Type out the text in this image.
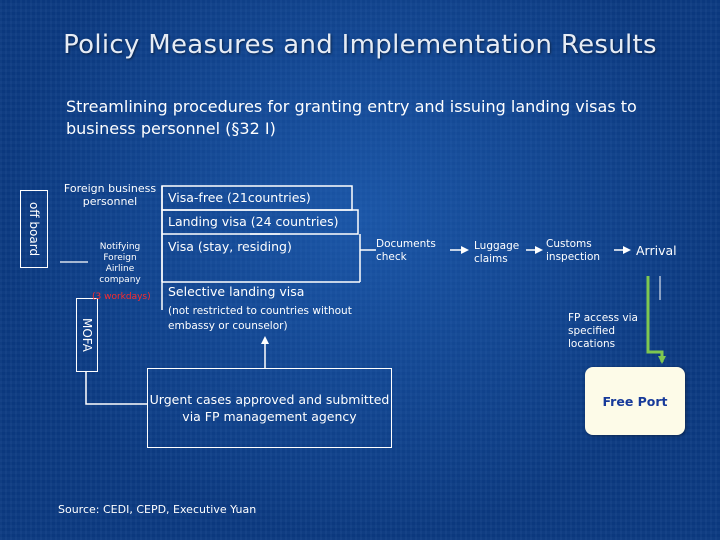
Policy Measures and Implementation Results
Streamlining procedures for granting entry and issuing landing visas to business personnel (§32 I)
off board
MOFA
Foreign business personnel
Notifying Foreign Airline company
(3 workdays)
Visa-free (21countries)
Landing visa (24 countries)
Visa (stay, residing)
Selective landing visa
(not restricted to countries without embassy or counselor)
Documents check
Luggage claims
Customs inspection	Arrival
FP access via specified locations
Urgent cases approved and submitted via FP management agency
Free Port
Source: CEDI, CEPD, Executive Yuan
